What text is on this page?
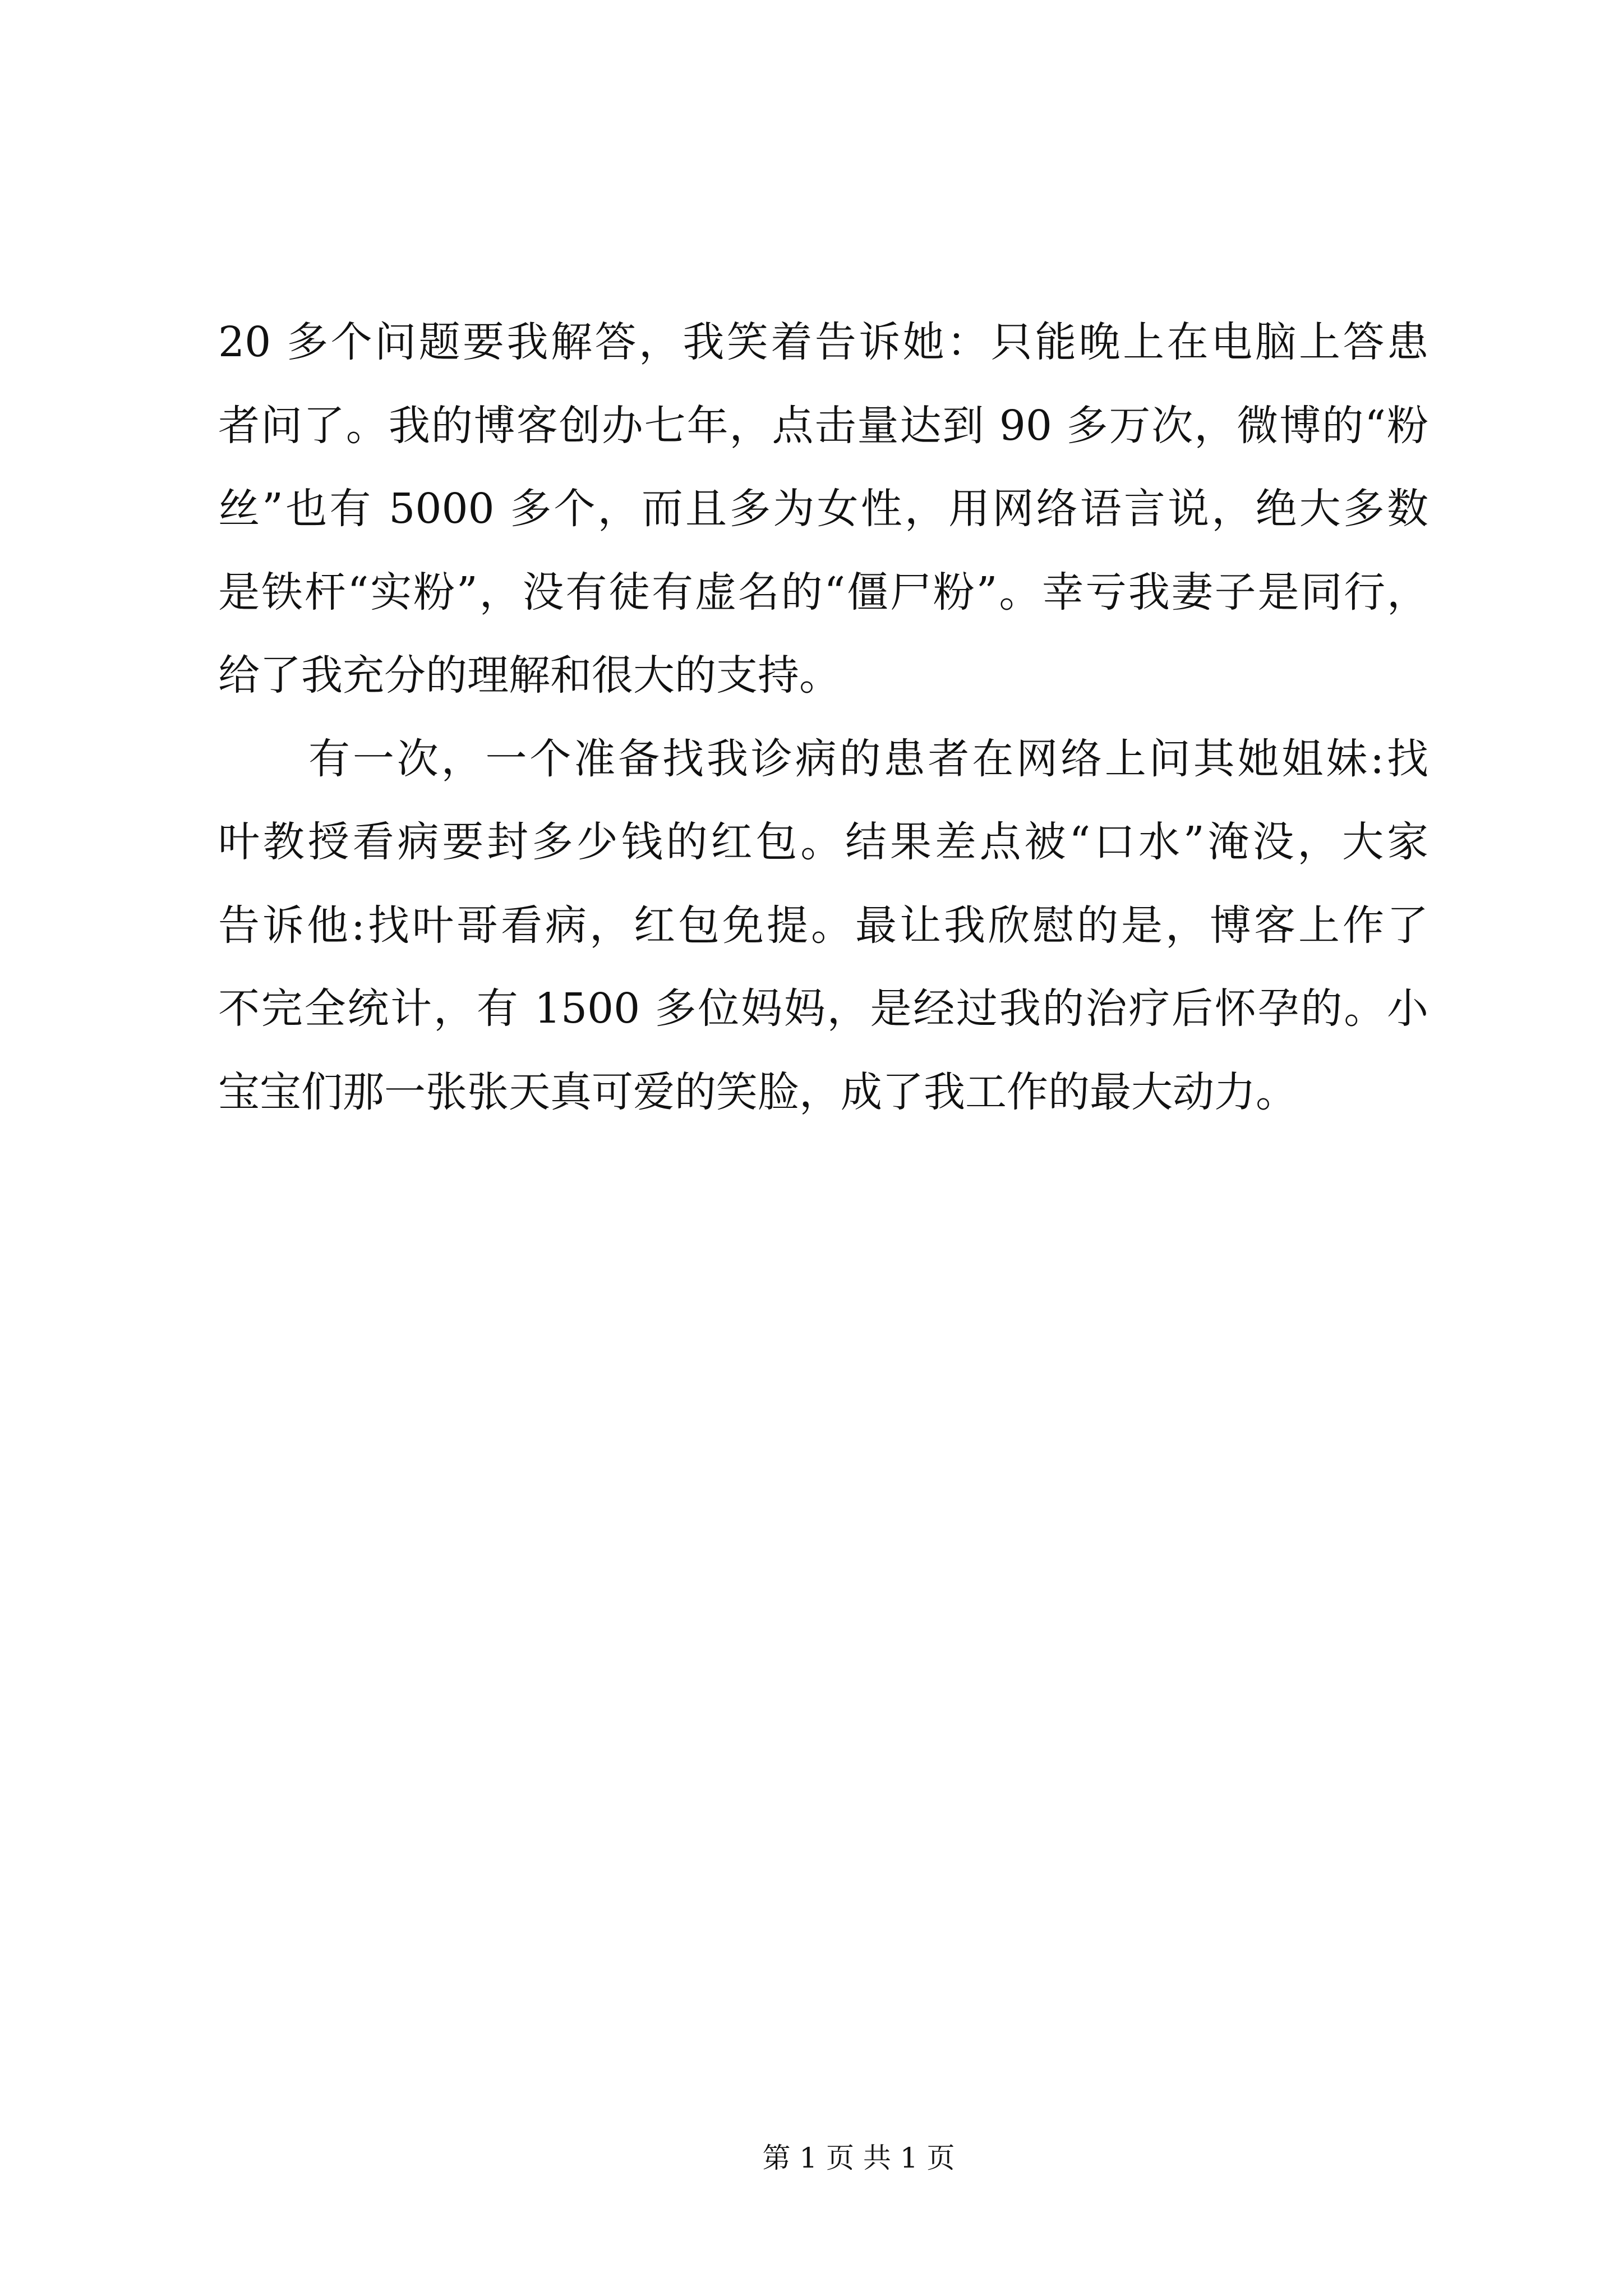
20 多个问题要我解答，我笑着告诉她：只能晚上在电脑上答患
者问了。我的博客创办七年，点击量达到 90 多万次，微博的“粉
丝”也有 5000 多个，而且多为女性，用网络语言说，绝大多数
是铁杆“实粉”，没有徒有虚名的“僵尸粉”。幸亏我妻子是同行，
给了我充分的理解和很大的支持。
有一次，一个准备找我诊病的患者在网络上问其她姐妹:找
叶教授看病要封多少钱的红包。结果差点被“口水”淹没，大家
告诉他:找叶哥看病，红包免提。最让我欣慰的是，博客上作了
不完全统计，有 1500 多位妈妈，是经过我的治疗后怀孕的。小
宝宝们那一张张天真可爱的笑脸，成了我工作的最大动力。
第 1 页 共 1 页
